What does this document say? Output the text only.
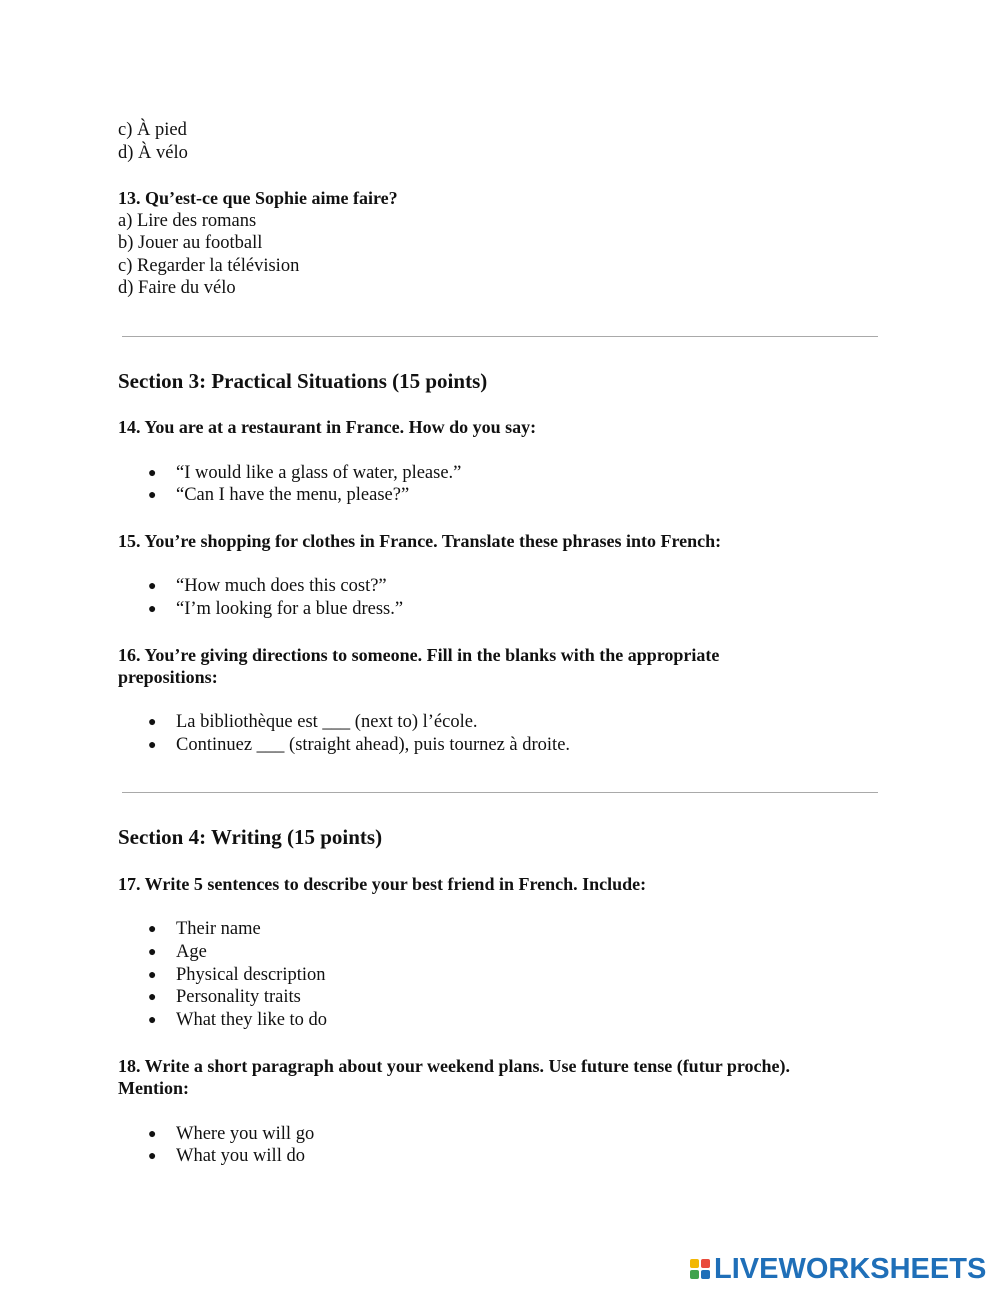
c) À pied
d) À vélo
13. Qu’est-ce que Sophie aime faire?
a) Lire des romans
b) Jouer au football
c) Regarder la télévision
d) Faire du vélo
Section 3: Practical Situations (15 points)
14. You are at a restaurant in France. How do you say:
● “I would like a glass of water, please.”
● “Can I have the menu, please?”
15. You’re shopping for clothes in France. Translate these phrases into French:
● “How much does this cost?”
● “I’m looking for a blue dress.”
16. You’re giving directions to someone. Fill in the blanks with the appropriate
prepositions:
● La bibliothèque est ___ (next to) l’école.
● Continuez ___ (straight ahead), puis tournez à droite.
Section 4: Writing (15 points)
17. Write 5 sentences to describe your best friend in French. Include:
● Their name
● Age
● Physical description
● Personality traits
● What they like to do
18. Write a short paragraph about your weekend plans. Use future tense (futur proche).
Mention:
● Where you will go
● What you will do
LIVEWORKSHEETS
